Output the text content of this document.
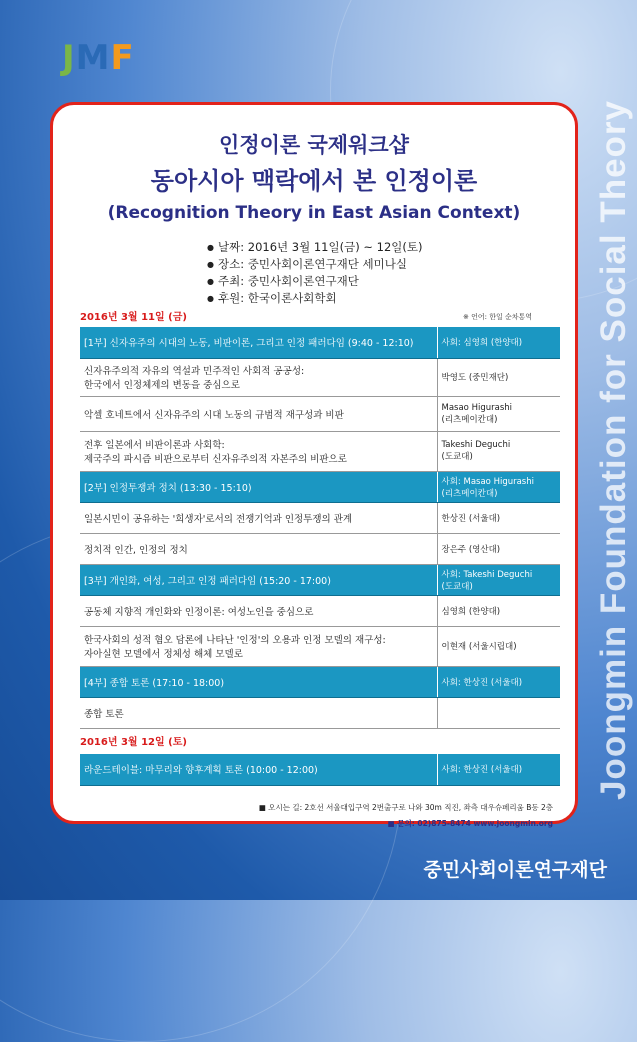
JMF
Joongmin Foundation for Social Theory
인정이론 국제워크샵
동아시아 맥락에서 본 인정이론
(Recognition Theory in East Asian Context)
● 날짜: 2016년 3월 11일(금) ~ 12일(토)
● 장소: 중민사회이론연구재단 세미나실
● 주최: 중민사회이론연구재단
● 후원: 한국이론사회학회
2016년 3월 11일 (금)	※ 언어: 한일 순차통역
[1부] 신자유주의 시대의 노동, 비판이론, 그리고 인정 패러다임 (9:40 - 12:10)	사회: 심영희 (한양대)
신자유주의적 자유의 역설과 민주적인 사회적 공공성:
한국에서 인정체제의 변동을 중심으로	박영도 (중민재단)
악셀 호네트에서 신자유주의 시대 노동의 규범적 재구성과 비판	Masao Higurashi
(리츠메이칸대)
전후 일본에서 비판이론과 사회학:
제국주의 파시즘 비판으로부터 신자유주의적 자본주의 비판으로	Takeshi Deguchi
(도쿄대)
[2부] 인정투쟁과 정치 (13:30 - 15:10)	사회: Masao Higurashi
(리츠메이칸대)
일본시민이 공유하는 '희생자'로서의 전쟁기억과 인정투쟁의 관계	한상진 (서울대)
정치적 인간, 인정의 정치	장은주 (영산대)
[3부] 개인화, 여성, 그리고 인정 패러다임 (15:20 - 17:00)	사회: Takeshi Deguchi
(도쿄대)
공동체 지향적 개인화와 인정이론: 여성노인을 중심으로	심영희 (한양대)
한국사회의 성적 혐오 담론에 나타난 '인정'의 오용과 인정 모델의 재구성:
자아실현 모델에서 정체성 해체 모델로	이현재 (서울시립대)
[4부] 종합 토론 (17:10 - 18:00)	사회: 한상진 (서울대)
종합 토론	
2016년 3월 12일 (토)
라운드테이블: 마무리와 향후계획 토론 (10:00 - 12:00)	사회: 한상진 (서울대)
■ 오시는 길: 2호선 서울대입구역 2번출구로 나와 30m 직진, 좌측 대우슈페리움 B동 2층
■ 문의: 02)875-8474 www.joongmin.org
중민사회이론연구재단
